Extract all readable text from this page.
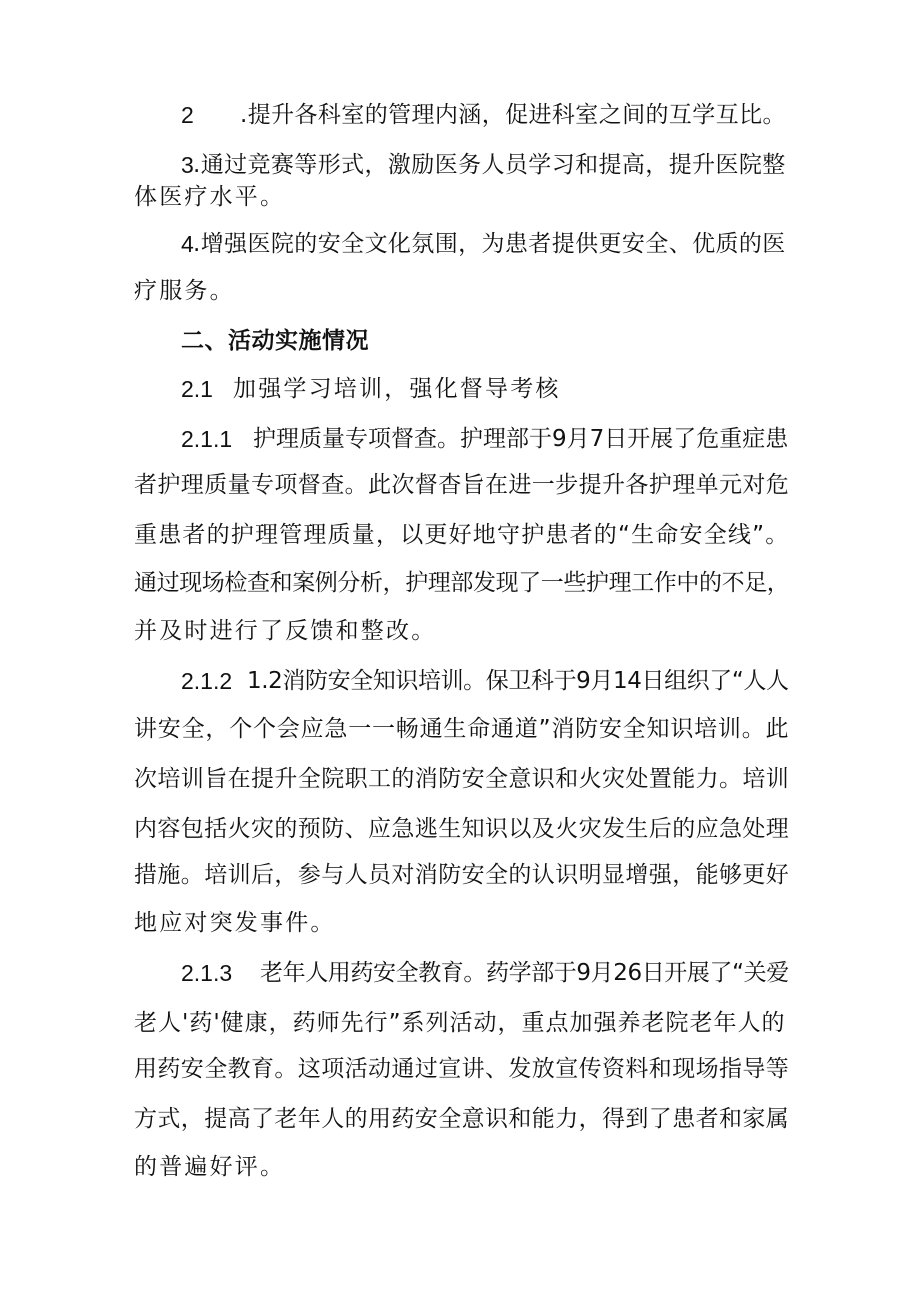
2 .提升各科室的管理内涵，促进科室之间的互学互比。
3 .通过竞赛等形式，激励医务人员学习和提高，提升医院整
体医疗水平。
4 .增强医院的安全文化氛围，为患者提供更安全、优质的医
疗服务。
二、活动实施情况
2.1 加强学习培训，强化督导考核
2.1.1 护理质量专项督查。护理部于9月7日开展了危重症患
者护理质量专项督查。此次督杳旨在进一步提升各护理单元对危
重患者的护理管理质量，以更好地守护患者的“生命安全线”。
通过现场检查和案例分析，护理部发现了一些护理工作中的不足，
并及时进行了反馈和整改。
2.1.2 1.2消防安全知识培训。保卫科于9月14日组织了“人人
讲安全，个个会应急一一畅通生命通道”消防安全知识培训。此
次培训旨在提升全院职工的消防安全意识和火灾处置能力。培训
内容包括火灾的预防、应急逃生知识以及火灾发生后的应急处理
措施。培训后，参与人员对消防安全的认识明显增强，能够更好
地应对突发事件。
2.1.3 老年人用药安全教育。药学部于9月26日开展了“关爱
老人'药'健康，药师先行”系列活动，重点加强养老院老年人的
用药安全教育。这项活动通过宣讲、发放宣传资料和现场指导等
方式，提高了老年人的用药安全意识和能力，得到了患者和家属
的普遍好评。
